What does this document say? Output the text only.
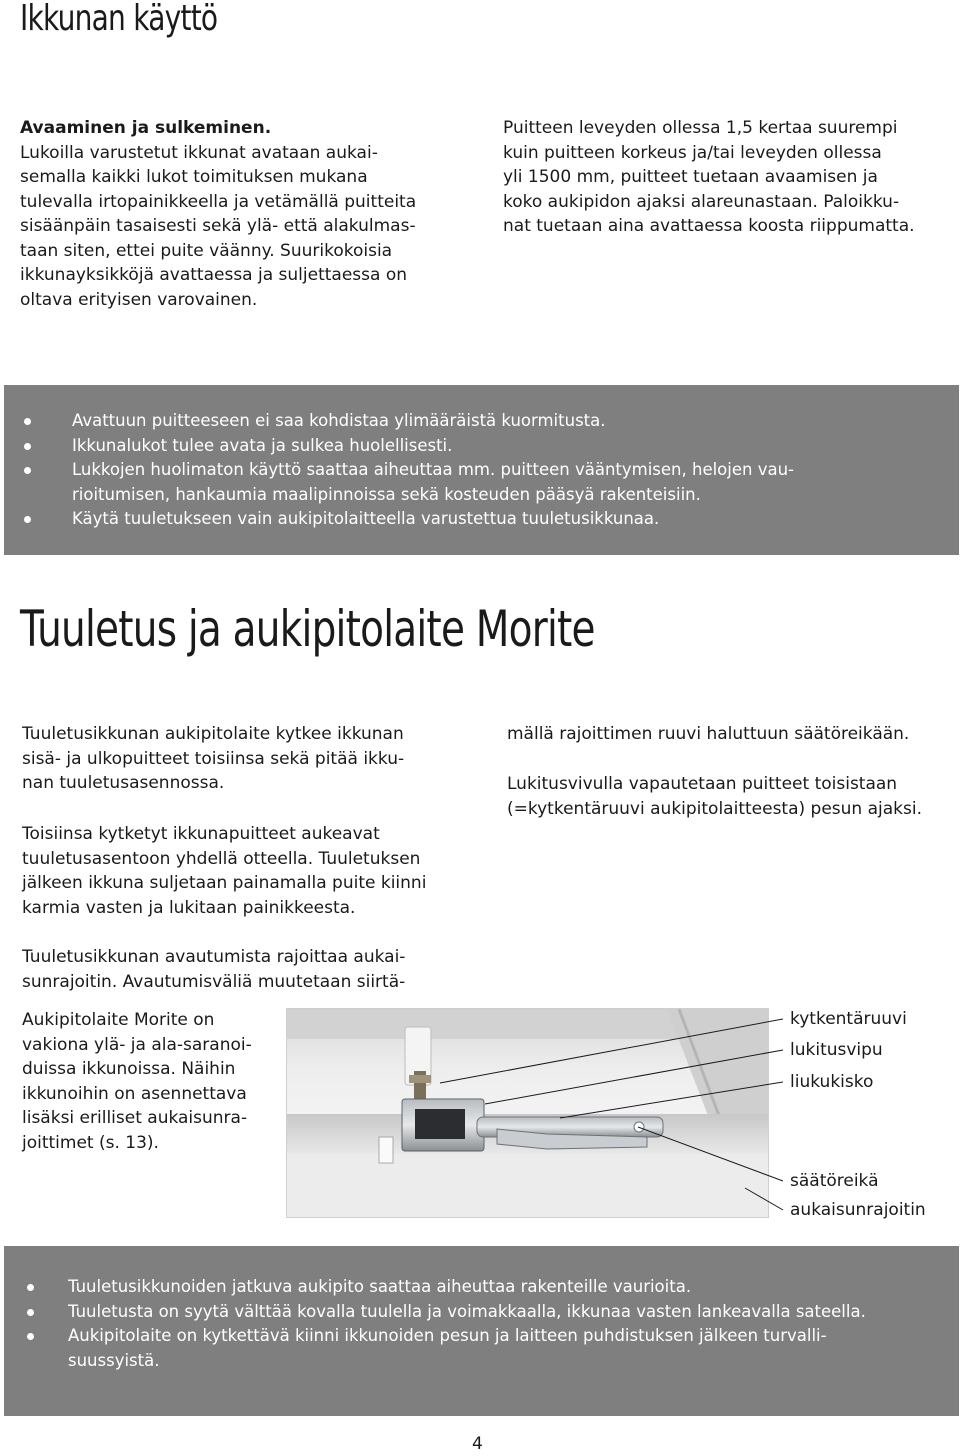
Ikkunan käyttö
Avaaminen ja sulkeminen.
Lukoilla varustetut ikkunat avataan aukai-
semalla kaikki lukot toimituksen mukana
tulevalla irtopainikkeella ja vetämällä puitteita
sisäänpäin tasaisesti sekä ylä- että alakulmas-
taan siten, ettei puite väänny. Suurikokoisia
ikkunayksikköjä avattaessa ja suljettaessa on
oltava erityisen varovainen.
Puitteen leveyden ollessa 1,5 kertaa suurempi
kuin puitteen korkeus ja/tai leveyden ollessa
yli 1500 mm, puitteet tuetaan avaamisen ja
koko aukipidon ajaksi alareunastaan. Paloikku-
nat tuetaan aina avattaessa koosta riippumatta.
Avattuun puitteeseen ei saa kohdistaa ylimääräistä kuormitusta.
Ikkunalukot tulee avata ja sulkea huolellisesti.
Lukkojen huolimaton käyttö saattaa aiheuttaa mm. puitteen vääntymisen, helojen vau-
rioitumisen, hankaumia maalipinnoissa sekä kosteuden pääsyä rakenteisiin.
Käytä tuuletukseen vain aukipitolaitteella varustettua tuuletusikkunaa.
Tuuletus ja aukipitolaite Morite
Tuuletusikkunan aukipitolaite kytkee ikkunan
sisä- ja ulkopuitteet toisiinsa sekä pitää ikku-
nan tuuletusasennossa.
Toisiinsa kytketyt ikkunapuitteet aukeavat
tuuletusasentoon yhdellä otteella. Tuuletuksen
jälkeen ikkuna suljetaan painamalla puite kiinni
karmia vasten ja lukitaan painikkeesta.
Tuuletusikkunan avautumista rajoittaa aukai-
sunrajoitin. Avautumisväliä muutetaan siirtä-
mällä rajoittimen ruuvi haluttuun säätöreikään.
Lukitusvivulla vapautetaan puitteet toisistaan
(=kytkentäruuvi aukipitolaitteesta) pesun ajaksi.
Aukipitolaite Morite on
vakiona ylä- ja ala-saranoi-
duissa ikkunoissa. Näihin
ikkunoihin on asennettava
lisäksi erilliset aukaisunra-
joittimet (s. 13).
kytkentäruuvi
lukitusvipu
liukukisko
säätöreikä
aukaisunrajoitin
Tuuletusikkunoiden jatkuva aukipito saattaa aiheuttaa rakenteille vaurioita.
Tuuletusta on syytä välttää kovalla tuulella ja voimakkaalla, ikkunaa vasten lankeavalla sateella.
Aukipitolaite on kytkettävä kiinni ikkunoiden pesun ja laitteen puhdistuksen jälkeen turvalli-
suussyistä.
4
